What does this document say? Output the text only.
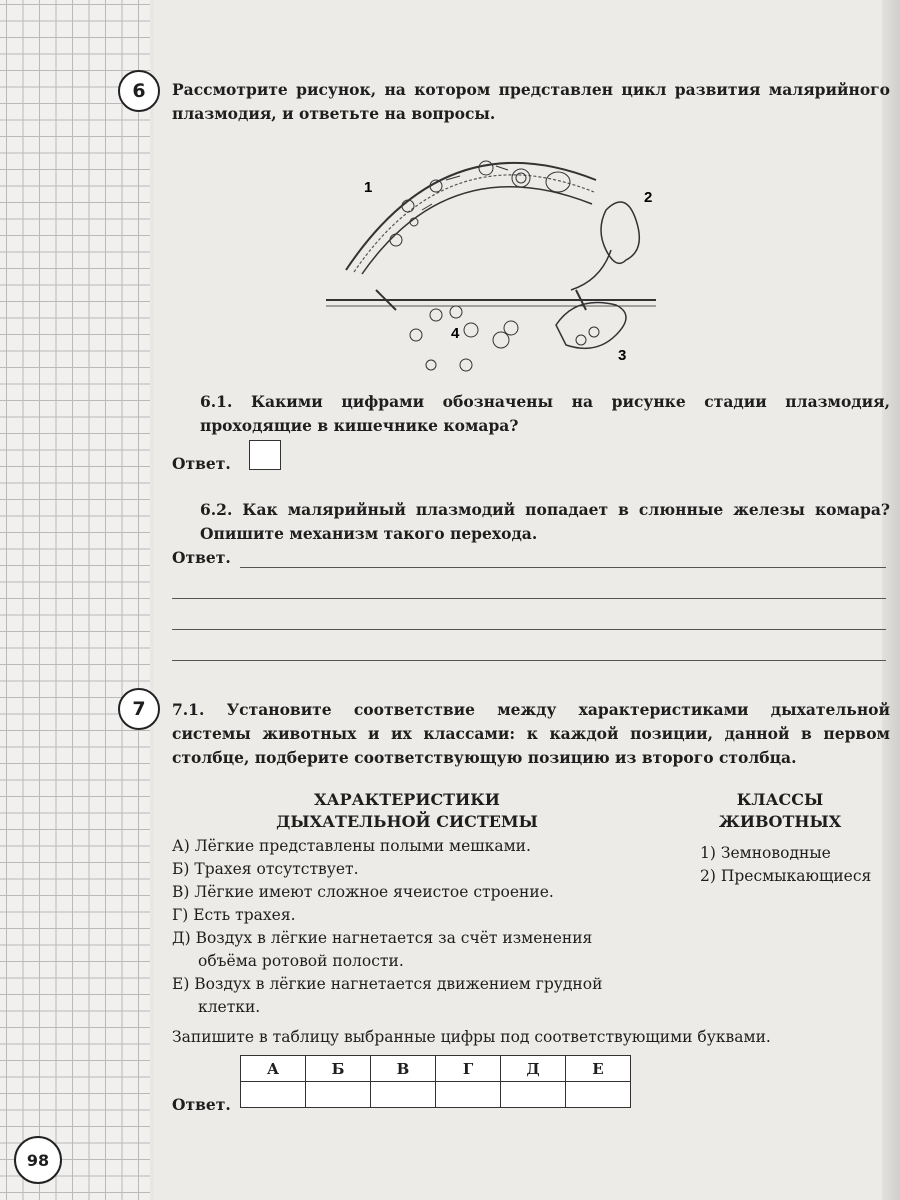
6	Рассмотрите рисунок, на котором представлен цикл развития малярийного плазмодия, и ответьте на вопросы.
1
2
3
4
6.1. Какими цифрами обозначены на рисунке стадии плазмодия, проходящие в кишечнике комара?
Ответ.
6.2. Как малярийный плазмодий попадает в слюнные железы комара? Опишите механизм такого перехода.
Ответ.
7	7.1. Установите соответствие между характеристиками дыхательной системы животных и их классами: к каждой позиции, данной в первом столбце, подберите соответствующую позицию из второго столбца.
ХАРАКТЕРИСТИКИ
ДЫХАТЕЛЬНОЙ СИСТЕМЫ
КЛАССЫ
ЖИВОТНЫХ
А) Лёгкие представлены полыми мешками.
Б) Трахея отсутствует.
В) Лёгкие имеют сложное ячеистое строение.
Г) Есть трахея.
Д) Воздух в лёгкие нагнетается за счёт изменения
объёма ротовой полости.
Е) Воздух в лёгкие нагнетается движением грудной
клетки.
1) Земноводные
2) Пресмыкающиеся
Запишите в таблицу выбранные цифры под соответствующими буквами.
Ответ.
А	Б	В	Г	Д	Е

98
